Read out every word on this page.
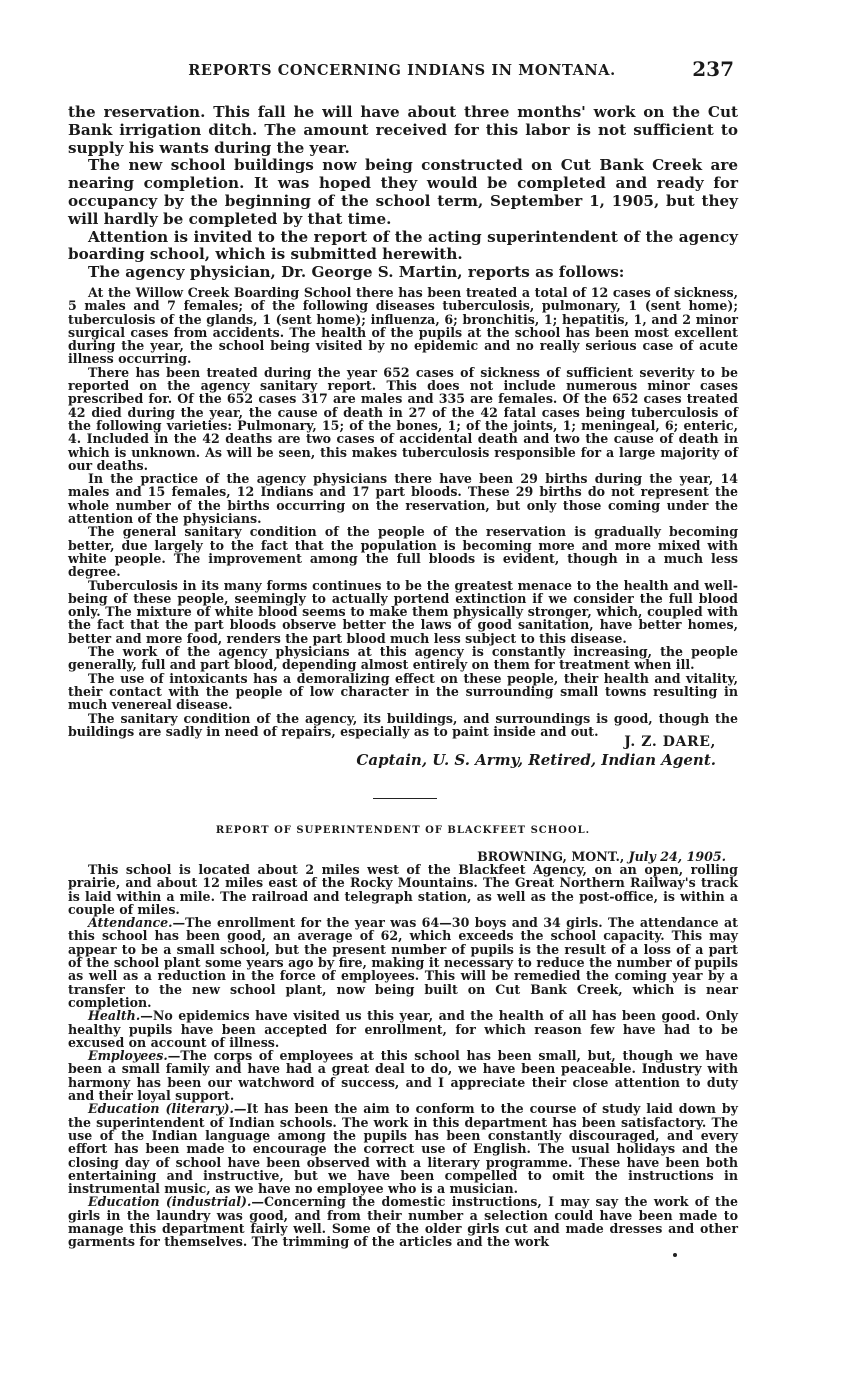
REPORTS CONCERNING INDIANS IN MONTANA.	237

the reservation. This fall he will have about three months' work on the Cut Bank irrigation ditch. The amount received for this labor is not sufficient to supply his wants during the year.

The new school buildings now being constructed on Cut Bank Creek are nearing completion. It was hoped they would be completed and ready for occupancy by the beginning of the school term, September 1, 1905, but they will hardly be completed by that time.

Attention is invited to the report of the acting superintendent of the agency boarding school, which is submitted herewith.

The agency physician, Dr. George S. Martin, reports as follows:

At the Willow Creek Boarding School there has been treated a total of 12 cases of sickness, 5 males and 7 females; of the following diseases tuberculosis, pulmonary, 1 (sent home); tuberculosis of the glands, 1 (sent home); influenza, 6; bronchitis, 1; hepatitis, 1, and 2 minor surgical cases from accidents. The health of the pupils at the school has been most excellent during the year, the school being visited by no epidemic and no really serious case of acute illness occurring.

There has been treated during the year 652 cases of sickness of sufficient severity to be reported on the agency sanitary report. This does not include numerous minor cases prescribed for. Of the 652 cases 317 are males and 335 are females. Of the 652 cases treated 42 died during the year, the cause of death in 27 of the 42 fatal cases being tuberculosis of the following varieties: Pulmonary, 15; of the bones, 1; of the joints, 1; meningeal, 6; enteric, 4. Included in the 42 deaths are two cases of accidental death and two the cause of death in which is unknown. As will be seen, this makes tuberculosis responsible for a large majority of our deaths.

In the practice of the agency physicians there have been 29 births during the year, 14 males and 15 females, 12 Indians and 17 part bloods. These 29 births do not represent the whole number of the births occurring on the reservation, but only those coming under the attention of the physicians.

The general sanitary condition of the people of the reservation is gradually becoming better, due largely to the fact that the population is becoming more and more mixed with white people. The improvement among the full bloods is evident, though in a much less degree.

Tuberculosis in its many forms continues to be the greatest menace to the health and well-being of these people, seemingly to actually portend extinction if we consider the full blood only. The mixture of white blood seems to make them physically stronger, which, coupled with the fact that the part bloods observe better the laws of good sanitation, have better homes, better and more food, renders the part blood much less subject to this disease.

The work of the agency physicians at this agency is constantly increasing, the people generally, full and part blood, depending almost entirely on them for treatment when ill.

The use of intoxicants has a demoralizing effect on these people, their health and vitality, their contact with the people of low character in the surrounding small towns resulting in much venereal disease.

The sanitary condition of the agency, its buildings, and surroundings is good, though the buildings are sadly in need of repairs, especially as to paint inside and out.

J. Z. DARE,
Captain, U. S. Army, Retired, Indian Agent.
REPORT OF SUPERINTENDENT OF BLACKFEET SCHOOL.
BROWNING, MONT., July 24, 1905.

This school is located about 2 miles west of the Blackfeet Agency, on an open, rolling prairie, and about 12 miles east of the Rocky Mountains. The Great Northern Railway's track is laid within a mile. The railroad and telegraph station, as well as the post-office, is within a couple of miles.

Attendance.—The enrollment for the year was 64—30 boys and 34 girls. The attendance at this school has been good, an average of 62, which exceeds the school capacity. This may appear to be a small school, but the present number of pupils is the result of a loss of a part of the school plant some years ago by fire, making it necessary to reduce the number of pupils as well as a reduction in the force of employees. This will be remedied the coming year by a transfer to the new school plant, now being built on Cut Bank Creek, which is near completion.

Health.—No epidemics have visited us this year, and the health of all has been good. Only healthy pupils have been accepted for enrollment, for which reason few have had to be excused on account of illness.

Employees.—The corps of employees at this school has been small, but, though we have been a small family and have had a great deal to do, we have been peaceable. Industry with harmony has been our watchword of success, and I appreciate their close attention to duty and their loyal support.

Education (literary).—It has been the aim to conform to the course of study laid down by the superintendent of Indian schools. The work in this department has been satisfactory. The use of the Indian language among the pupils has been constantly discouraged, and every effort has been made to encourage the correct use of English. The usual holidays and the closing day of school have been observed with a literary programme. These have been both entertaining and instructive, but we have been compelled to omit the instructions in instrumental music, as we have no employee who is a musician.

Education (industrial).—Concerning the domestic instructions, I may say the work of the girls in the laundry was good, and from their number a selection could have been made to manage this department fairly well. Some of the older girls cut and made dresses and other garments for themselves. The trimming of the articles and the work
